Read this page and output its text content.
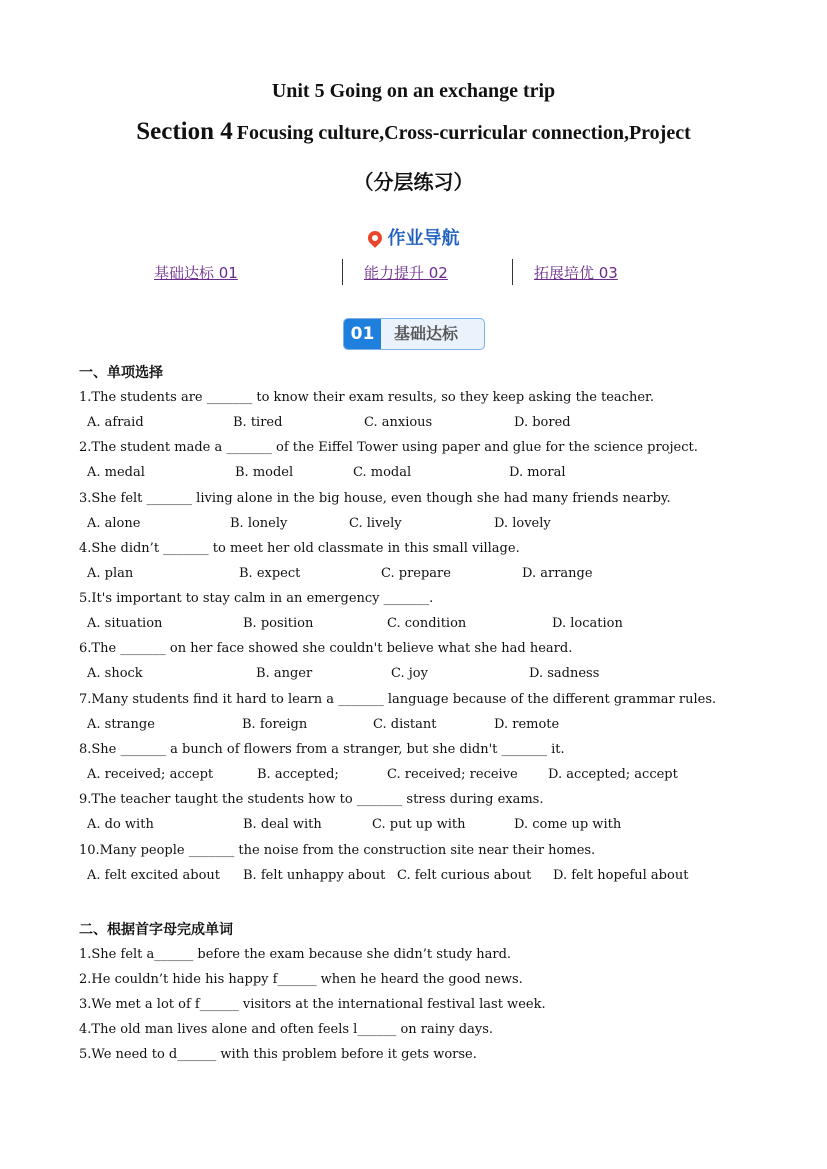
Unit 5 Going on an exchange trip
Section 4 Focusing culture,Cross-curricular connection,Project
（分层练习）
作业导航
基础达标 01	能力提升 02	拓展培优 03
01	基础达标
一、单项选择
1.The students are _______ to know their exam results, so they keep asking the teacher.
A. afraid	B. tired	C. anxious	D. bored
2.The student made a _______ of the Eiffel Tower using paper and glue for the science project.
A. medal	B. model	C. modal	D. moral
3.She felt _______ living alone in the big house, even though she had many friends nearby.
A. alone	B. lonely	C. lively	D. lovely
4.She didn’t _______ to meet her old classmate in this small village.
A. plan	B. expect	C. prepare	D. arrange
5.It's important to stay calm in an emergency _______.
A. situation	B. position	C. condition	D. location
6.The _______ on her face showed she couldn't believe what she had heard.
A. shock	B. anger	C. joy	D. sadness
7.Many students find it hard to learn a _______ language because of the different grammar rules.
A. strange	B. foreign	C. distant	D. remote
8.She _______ a bunch of flowers from a stranger, but she didn't _______ it.
A. received; accept	B. accepted;	C. received; receive D. accepted; accept
9.The teacher taught the students how to _______ stress during exams.
A. do with	B. deal with	C. put up with	D. come up with
10.Many people _______ the noise from the construction site near their homes.
A. felt excited about B. felt unhappy about C. felt curious about D. felt hopeful about
二、根据首字母完成单词
1.She felt a______ before the exam because she didn’t study hard.
2.He couldn’t hide his happy f______ when he heard the good news.
3.We met a lot of f______ visitors at the international festival last week.
4.The old man lives alone and often feels l______ on rainy days.
5.We need to d______ with this problem before it gets worse.
